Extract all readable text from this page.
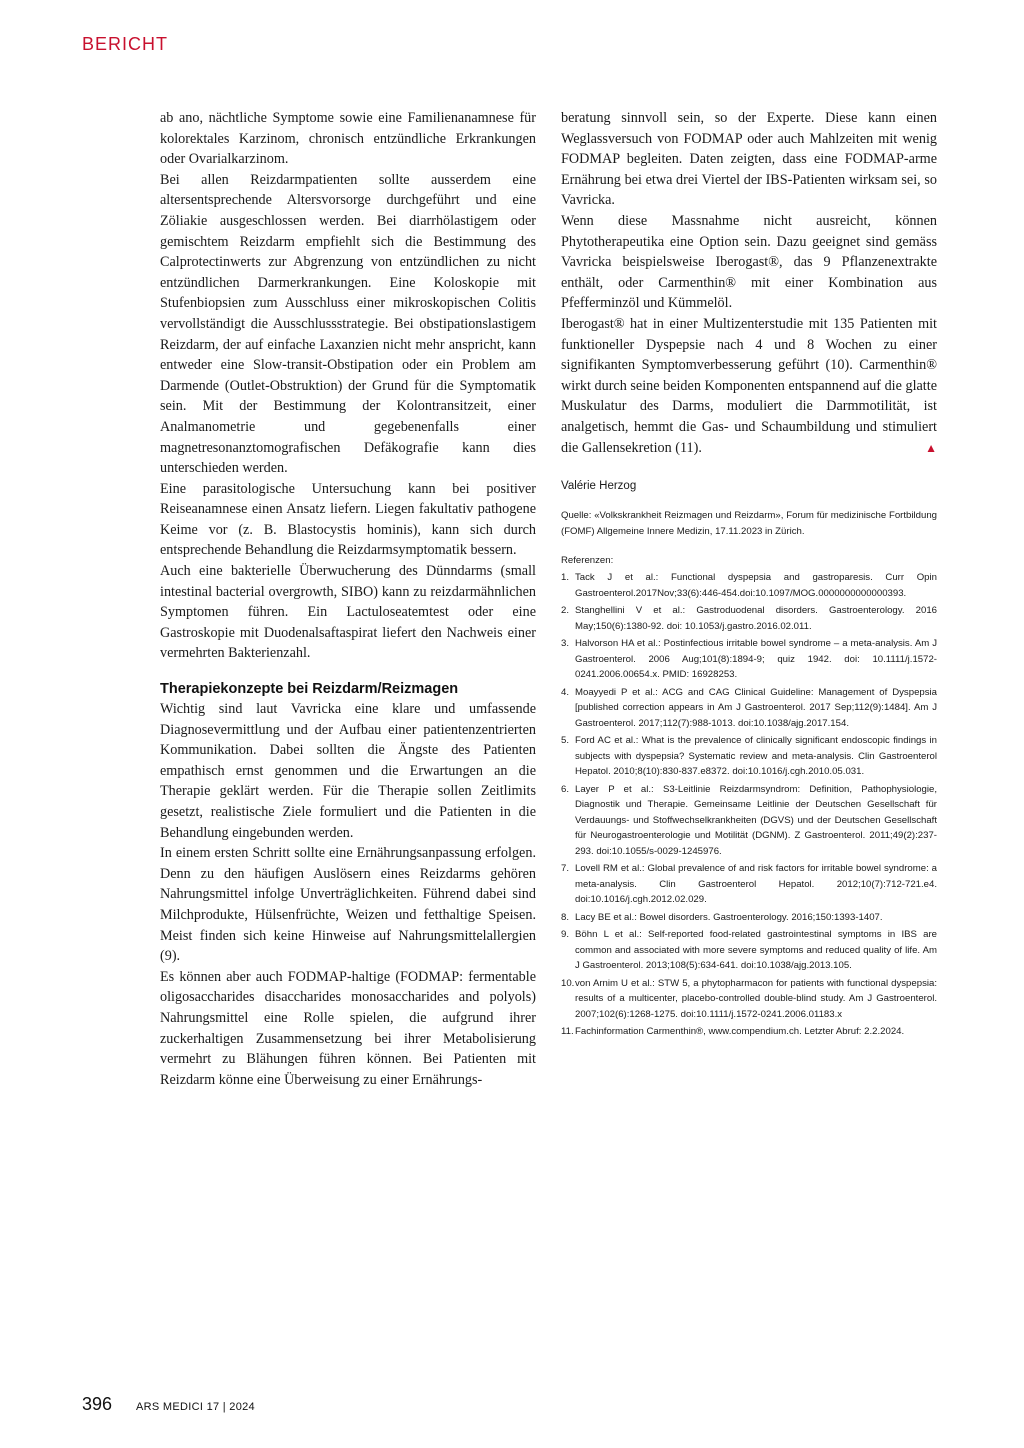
BERICHT

ab ano, nächtliche Symptome sowie eine Familienanamnese für kolorektales Karzinom, chronisch entzündliche Erkrankungen oder Ovarialkarzinom.

Bei allen Reizdarmpatienten sollte ausserdem eine altersentsprechende Altersvorsorge durchgeführt und eine Zöliakie ausgeschlossen werden. Bei diarrhölastigem oder gemischtem Reizdarm empfiehlt sich die Bestimmung des Calprotectinwerts zur Abgrenzung von entzündlichen zu nicht entzündlichen Darmerkrankungen. Eine Koloskopie mit Stufenbiopsien zum Ausschluss einer mikroskopischen Colitis vervollständigt die Ausschlussstrategie. Bei obstipationslastigem Reizdarm, der auf einfache Laxanzien nicht mehr anspricht, kann entweder eine Slow-transit-Obstipation oder ein Problem am Darmende (Outlet-Obstruktion) der Grund für die Symptomatik sein. Mit der Bestimmung der Kolontransitzeit, einer Analmanometrie und gegebenenfalls einer magnetresonanztomografischen Defäkografie kann dies unterschieden werden.

Eine parasitologische Untersuchung kann bei positiver Reiseanamnese einen Ansatz liefern. Liegen fakultativ pathogene Keime vor (z. B. Blastocystis hominis), kann sich durch entsprechende Behandlung die Reizdarmsymptomatik bessern.

Auch eine bakterielle Überwucherung des Dünndarms (small intestinal bacterial overgrowth, SIBO) kann zu reizdarmähnlichen Symptomen führen. Ein Lactuloseatemtest oder eine Gastroskopie mit Duodenalsaftaspirat liefert den Nachweis einer vermehrten Bakterienzahl.

Therapiekonzepte bei Reizdarm/Reizmagen

Wichtig sind laut Vavricka eine klare und umfassende Diagnosevermittlung und der Aufbau einer patientenzentrierten Kommunikation. Dabei sollten die Ängste des Patienten empathisch ernst genommen und die Erwartungen an die Therapie geklärt werden. Für die Therapie sollen Zeitlimits gesetzt, realistische Ziele formuliert und die Patienten in die Behandlung eingebunden werden.

In einem ersten Schritt sollte eine Ernährungsanpassung erfolgen. Denn zu den häufigen Auslösern eines Reizdarms gehören Nahrungsmittel infolge Unverträglichkeiten. Führend dabei sind Milchprodukte, Hülsenfrüchte, Weizen und fetthaltige Speisen. Meist finden sich keine Hinweise auf Nahrungsmittelallergien (9).

Es können aber auch FODMAP-haltige (FODMAP: fermentable oligosaccharides disaccharides monosaccharides and polyols) Nahrungsmittel eine Rolle spielen, die aufgrund ihrer zuckerhaltigen Zusammensetzung bei ihrer Metabolisierung vermehrt zu Blähungen führen können. Bei Patienten mit Reizdarm könne eine Überweisung zu einer Ernährungs-

beratung sinnvoll sein, so der Experte. Diese kann einen Weglassversuch von FODMAP oder auch Mahlzeiten mit wenig FODMAP begleiten. Daten zeigten, dass eine FODMAP-arme Ernährung bei etwa drei Viertel der IBS-Patienten wirksam sei, so Vavricka.

Wenn diese Massnahme nicht ausreicht, können Phytotherapeutika eine Option sein. Dazu geeignet sind gemäss Vavricka beispielsweise Iberogast®, das 9 Pflanzenextrakte enthält, oder Carmenthin® mit einer Kombination aus Pfefferminzöl und Kümmelöl.

Iberogast® hat in einer Multizenterstudie mit 135 Patienten mit funktioneller Dyspepsie nach 4 und 8 Wochen zu einer signifikanten Symptomverbesserung geführt (10). Carmenthin® wirkt durch seine beiden Komponenten entspannend auf die glatte Muskulatur des Darms, moduliert die Darmmotilität, ist analgetisch, hemmt die Gas- und Schaumbildung und stimuliert die Gallensekretion (11).	▲

Valérie Herzog
Quelle: «Volkskrankheit Reizmagen und Reizdarm», Forum für medizinische Fortbildung (FOMF) Allgemeine Innere Medizin, 17.11.2023 in Zürich.
Referenzen:
1. Tack J et al.: Functional dyspepsia and gastroparesis. Curr Opin Gastroenterol.2017Nov;33(6):446-454.doi:10.1097/MOG.0000000000000393.
2. Stanghellini V et al.: Gastroduodenal disorders. Gastroenterology. 2016 May;150(6):1380-92. doi: 10.1053/j.gastro.2016.02.011.
3. Halvorson HA et al.: Postinfectious irritable bowel syndrome – a meta-analysis. Am J Gastroenterol. 2006 Aug;101(8):1894-9; quiz 1942. doi: 10.1111/j.1572-0241.2006.00654.x. PMID: 16928253.
4. Moayyedi P et al.: ACG and CAG Clinical Guideline: Management of Dyspepsia [published correction appears in Am J Gastroenterol. 2017 Sep;112(9):1484]. Am J Gastroenterol. 2017;112(7):988-1013. doi:10.1038/ajg.2017.154.
5. Ford AC et al.: What is the prevalence of clinically significant endoscopic findings in subjects with dyspepsia? Systematic review and meta-analysis. Clin Gastroenterol Hepatol. 2010;8(10):830-837.e8372. doi:10.1016/j.cgh.2010.05.031.
6. Layer P et al.: S3-Leitlinie Reizdarmsyndrom: Definition, Pathophysiologie, Diagnostik und Therapie. Gemeinsame Leitlinie der Deutschen Gesellschaft für Verdauungs- und Stoffwechselkrankheiten (DGVS) und der Deutschen Gesellschaft für Neurogastroenterologie und Motilität (DGNM). Z Gastroenterol. 2011;49(2):237-293. doi:10.1055/s-0029-1245976.
7. Lovell RM et al.: Global prevalence of and risk factors for irritable bowel syndrome: a meta-analysis. Clin Gastroenterol Hepatol. 2012;10(7):712-721.e4. doi:10.1016/j.cgh.2012.02.029.
8. Lacy BE et al.: Bowel disorders. Gastroenterology. 2016;150:1393-1407.
9. Böhn L et al.: Self-reported food-related gastrointestinal symptoms in IBS are common and associated with more severe symptoms and reduced quality of life. Am J Gastroenterol. 2013;108(5):634-641. doi:10.1038/ajg.2013.105.
10. von Arnim U et al.: STW 5, a phytopharmacon for patients with functional dyspepsia: results of a multicenter, placebo-controlled double-blind study. Am J Gastroenterol. 2007;102(6):1268-1275. doi:10.1111/j.1572-0241.2006.01183.x
11. Fachinformation Carmenthin®, www.compendium.ch. Letzter Abruf: 2.2.2024.
396 ARS MEDICI 17 | 2024
